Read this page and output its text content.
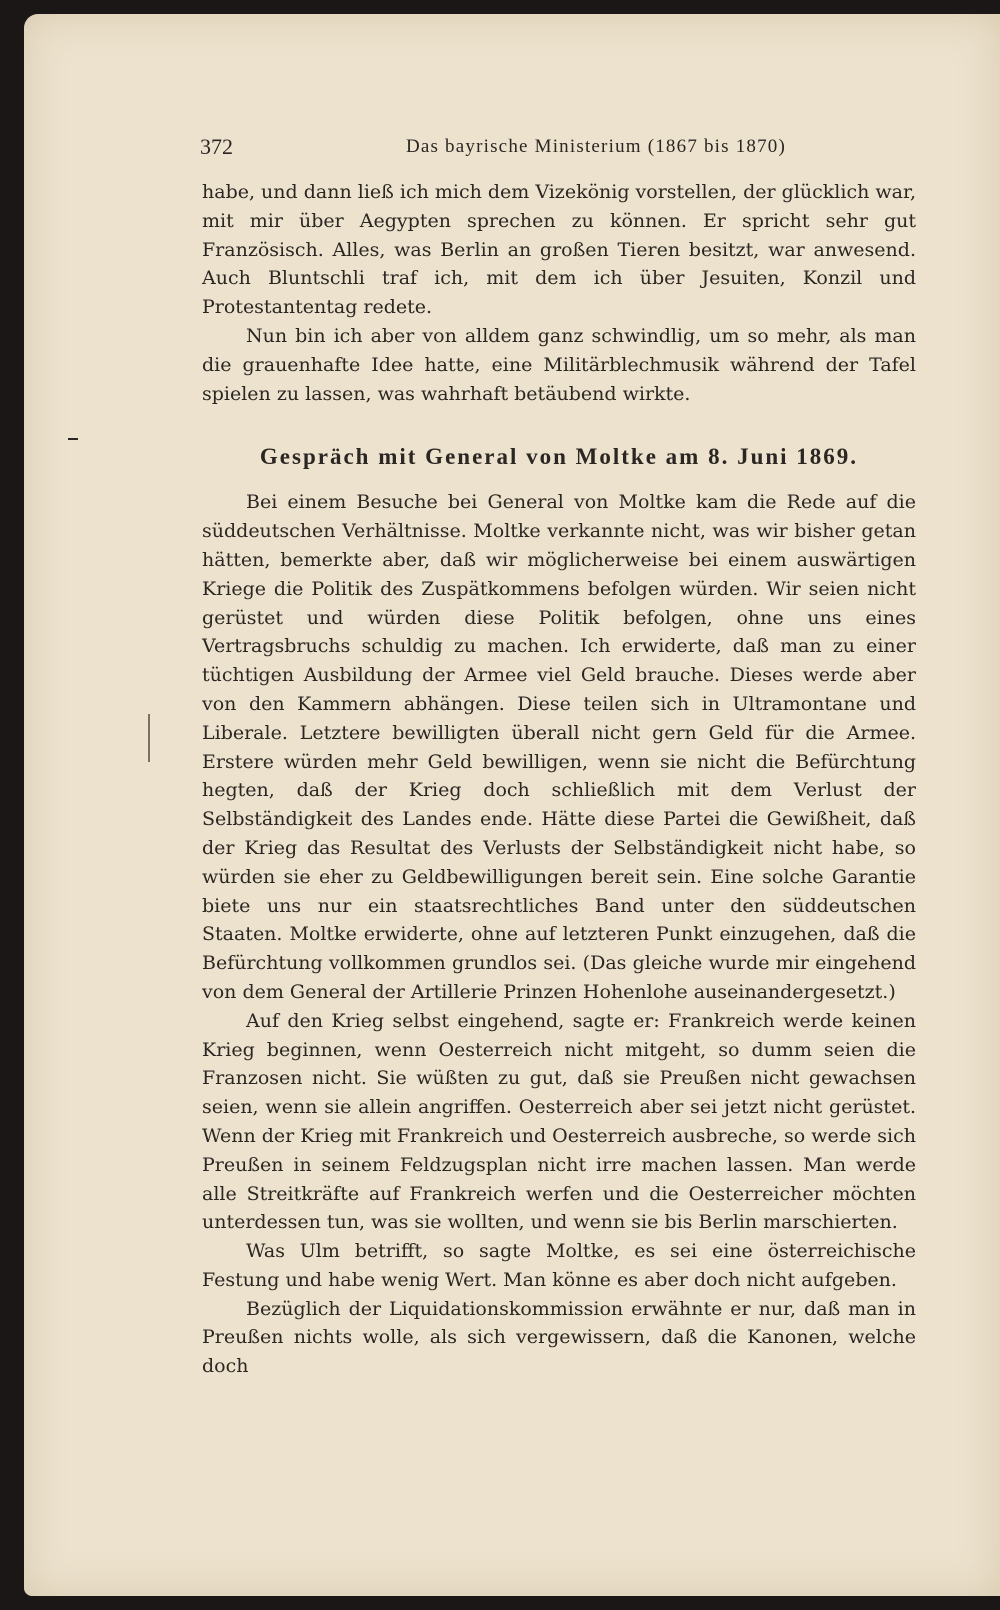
372	Das bayrische Ministerium (1867 bis 1870)

habe, und dann ließ ich mich dem Vizekönig vorstellen, der glücklich war, mit mir über Aegypten sprechen zu können. Er spricht sehr gut Französisch. Alles, was Berlin an großen Tieren besitzt, war anwesend. Auch Bluntschli traf ich, mit dem ich über Jesuiten, Konzil und Protestantentag redete.

Nun bin ich aber von alldem ganz schwindlig, um so mehr, als man die grauenhafte Idee hatte, eine Militärblechmusik während der Tafel spielen zu lassen, was wahrhaft betäubend wirkte.

Gespräch mit General von Moltke am 8. Juni 1869.

Bei einem Besuche bei General von Moltke kam die Rede auf die süddeutschen Verhältnisse. Moltke verkannte nicht, was wir bisher getan hätten, bemerkte aber, daß wir möglicherweise bei einem auswärtigen Kriege die Politik des Zuspätkommens befolgen würden. Wir seien nicht gerüstet und würden diese Politik befolgen, ohne uns eines Vertragsbruchs schuldig zu machen. Ich erwiderte, daß man zu einer tüchtigen Ausbildung der Armee viel Geld brauche. Dieses werde aber von den Kammern abhängen. Diese teilen sich in Ultramontane und Liberale. Letztere bewilligten überall nicht gern Geld für die Armee. Erstere würden mehr Geld bewilligen, wenn sie nicht die Befürchtung hegten, daß der Krieg doch schließlich mit dem Verlust der Selbständigkeit des Landes ende. Hätte diese Partei die Gewißheit, daß der Krieg das Resultat des Verlusts der Selbständigkeit nicht habe, so würden sie eher zu Geldbewilligungen bereit sein. Eine solche Garantie biete uns nur ein staatsrechtliches Band unter den süddeutschen Staaten. Moltke erwiderte, ohne auf letzteren Punkt einzugehen, daß die Befürchtung vollkommen grundlos sei. (Das gleiche wurde mir eingehend von dem General der Artillerie Prinzen Hohenlohe auseinandergesetzt.)

Auf den Krieg selbst eingehend, sagte er: Frankreich werde keinen Krieg beginnen, wenn Oesterreich nicht mitgeht, so dumm seien die Franzosen nicht. Sie wüßten zu gut, daß sie Preußen nicht gewachsen seien, wenn sie allein angriffen. Oesterreich aber sei jetzt nicht gerüstet. Wenn der Krieg mit Frankreich und Oesterreich ausbreche, so werde sich Preußen in seinem Feldzugsplan nicht irre machen lassen. Man werde alle Streitkräfte auf Frankreich werfen und die Oesterreicher möchten unterdessen tun, was sie wollten, und wenn sie bis Berlin marschierten.

Was Ulm betrifft, so sagte Moltke, es sei eine österreichische Festung und habe wenig Wert. Man könne es aber doch nicht aufgeben.

Bezüglich der Liquidationskommission erwähnte er nur, daß man in Preußen nichts wolle, als sich vergewissern, daß die Kanonen, welche doch
